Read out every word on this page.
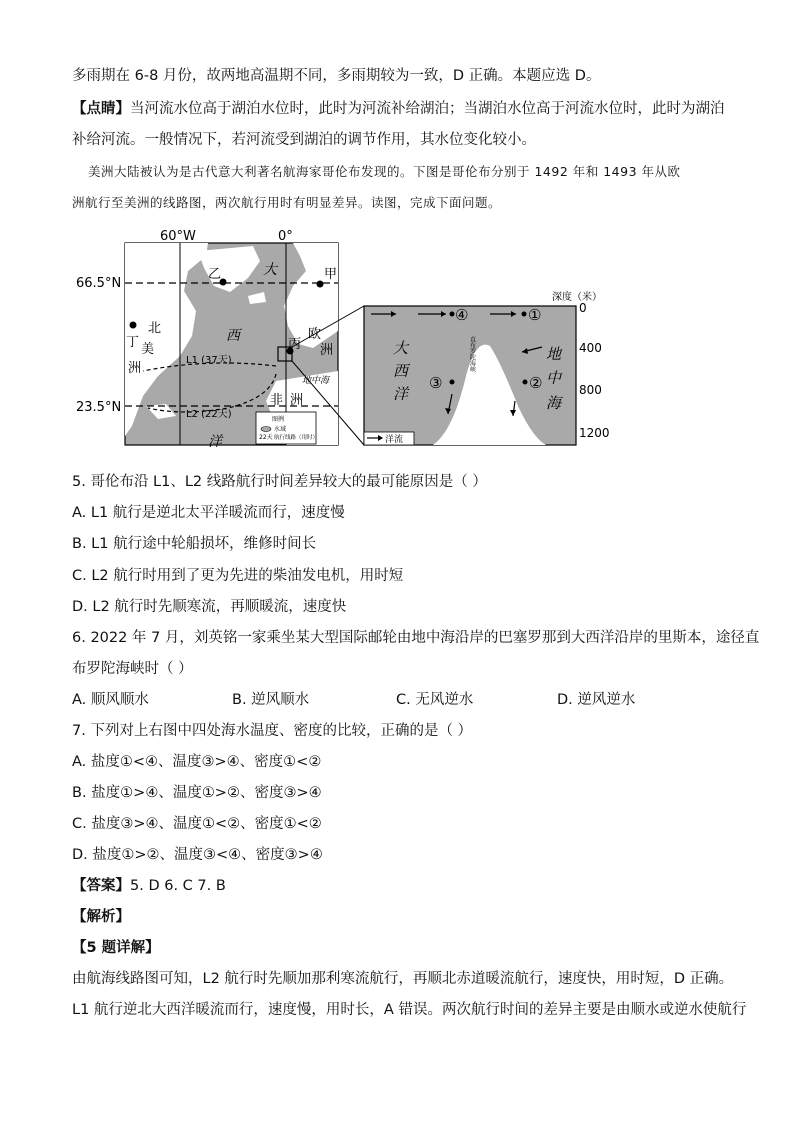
多雨期在 6-8 月份，故两地高温期不同，多雨期较为一致，D 正确。本题应选 D。
【点睛】当河流水位高于湖泊水位时，此时为河流补给湖泊；当湖泊水位高于河流水位时，此时为湖泊
补给河流。一般情况下，若河流受到湖泊的调节作用，其水位变化较小。
美洲大陆被认为是古代意大利著名航海家哥伦布发现的。下图是哥伦布分别于 1492 年和 1493 年从欧
洲航行至美洲的线路图，两次航行用时有明显差异。读图，完成下面问题。
图例
水域
22天 航行线路（用时）
60°W	0°
66.5°N
23.5°N
乙	甲
丁	丙
北
美
洲
大
西
洋
欧
洲
非 洲
地中海
L1 (37天)
L2 (22天)
深度（米）
0
400
800
1200
大
西
洋
地
中
海
直布罗陀海峡
④	①
③	②
洋流
5. 哥伦布沿 L1、L2 线路航行时间差异较大的最可能原因是（ ）
A. L1 航行是逆北太平洋暖流而行，速度慢
B. L1 航行途中轮船损坏，维修时间长
C. L2 航行时用到了更为先进的柴油发电机，用时短
D. L2 航行时先顺寒流，再顺暖流，速度快
6. 2022 年 7 月，刘英铭一家乘坐某大型国际邮轮由地中海沿岸的巴塞罗那到大西洋沿岸的里斯本，途径直
布罗陀海峡时（ ）
A. 顺风顺水	B. 逆风顺水	C. 无风逆水	D. 逆风逆水
7. 下列对上右图中四处海水温度、密度的比较，正确的是（ ）
A. 盐度①<④、温度③>④、密度①<②
B. 盐度①>④、温度①>②、密度③>④
C. 盐度③>④、温度①<②、密度①<②
D. 盐度①>②、温度③<④、密度③>④
【答案】5. D 6. C 7. B
【解析】
【5 题详解】
由航海线路图可知，L2 航行时先顺加那利寒流航行，再顺北赤道暖流航行，速度快，用时短，D 正确。
L1 航行逆北大西洋暖流而行，速度慢，用时长，A 错误。两次航行时间的差异主要是由顺水或逆水使航行
